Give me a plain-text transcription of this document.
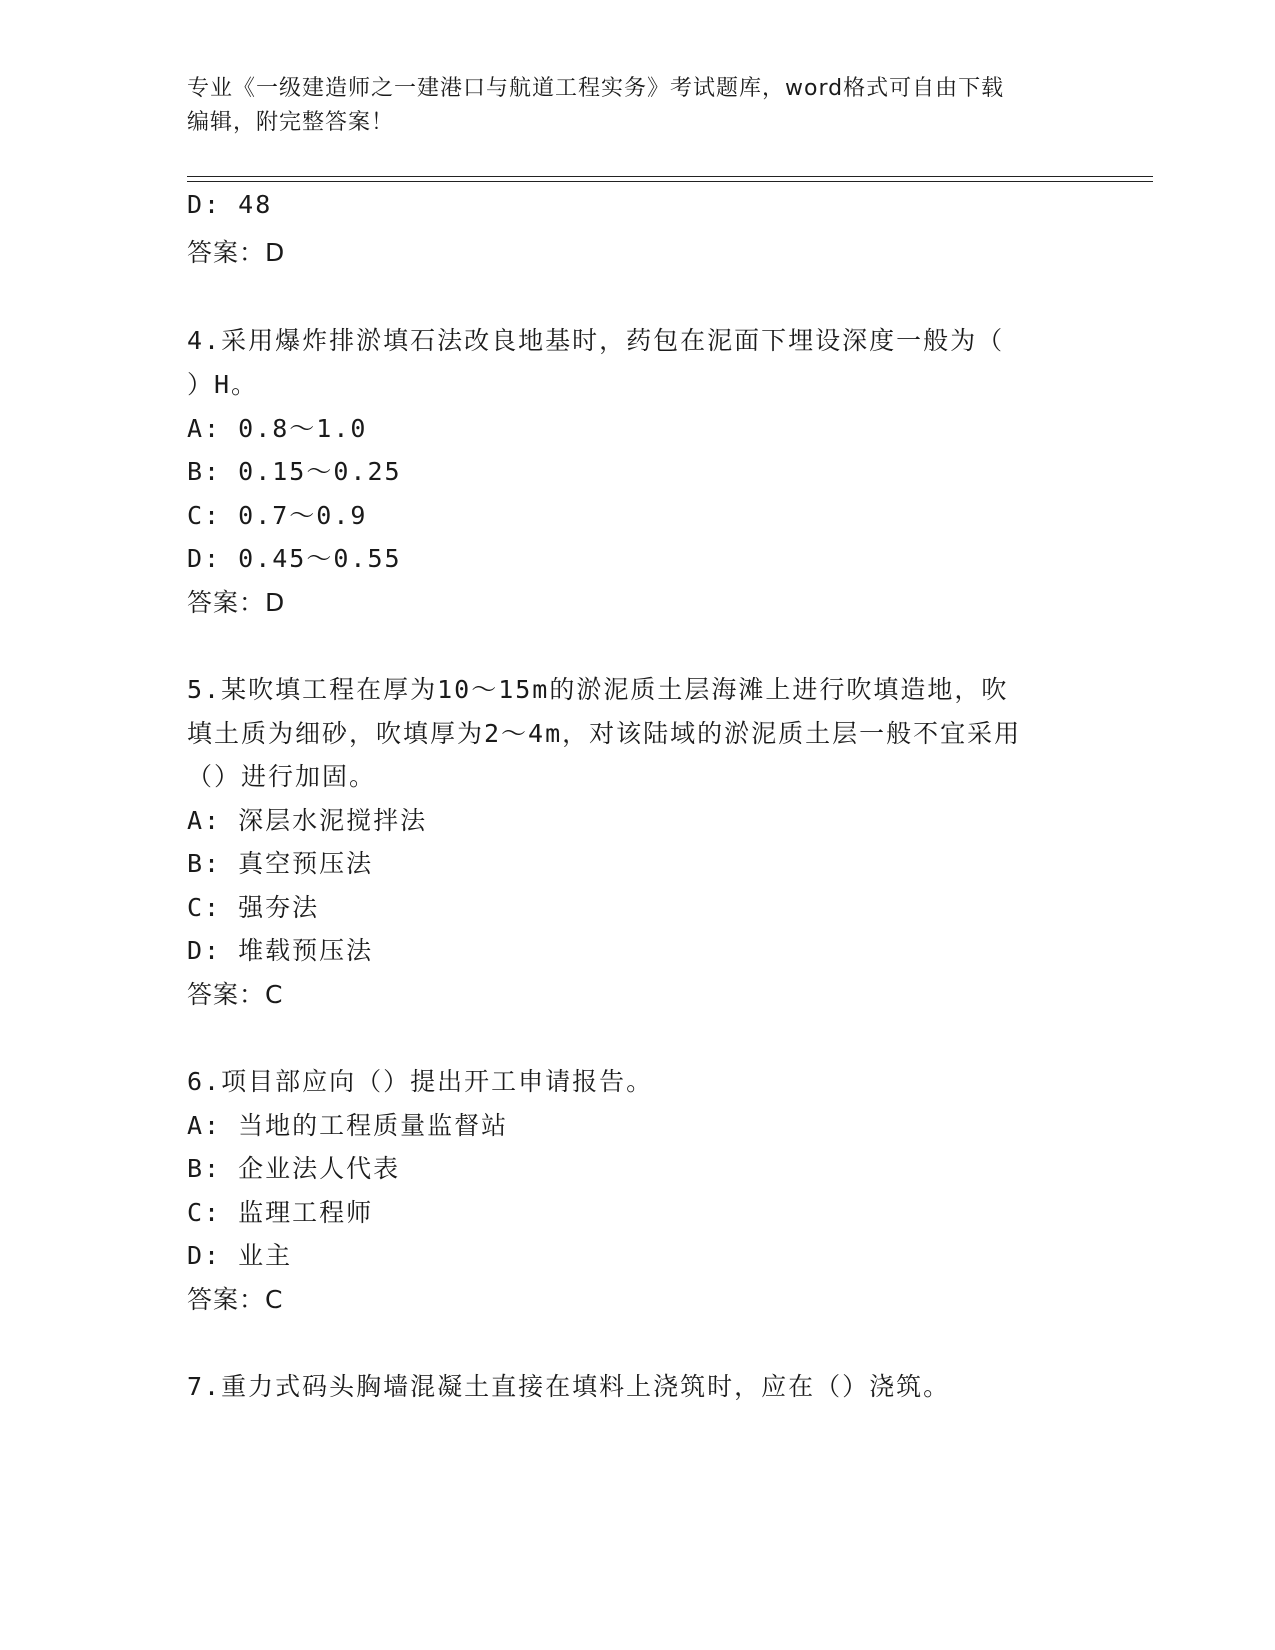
专业《一级建造师之一建港口与航道工程实务》考试题库，word格式可自由下载
编辑，附完整答案！
D: 48
答案：D
4.采用爆炸排淤填石法改良地基时，药包在泥面下埋设深度一般为（
）H。
A: 0.8～1.0
B: 0.15～0.25
C: 0.7～0.9
D: 0.45～0.55
答案：D
5.某吹填工程在厚为10～15m的淤泥质土层海滩上进行吹填造地，吹
填土质为细砂，吹填厚为2～4m，对该陆域的淤泥质土层一般不宜采用
（）进行加固。
A: 深层水泥搅拌法
B: 真空预压法
C: 强夯法
D: 堆载预压法
答案：C
6.项目部应向（）提出开工申请报告。
A: 当地的工程质量监督站
B: 企业法人代表
C: 监理工程师
D: 业主
答案：C
7.重力式码头胸墙混凝土直接在填料上浇筑时，应在（）浇筑。
